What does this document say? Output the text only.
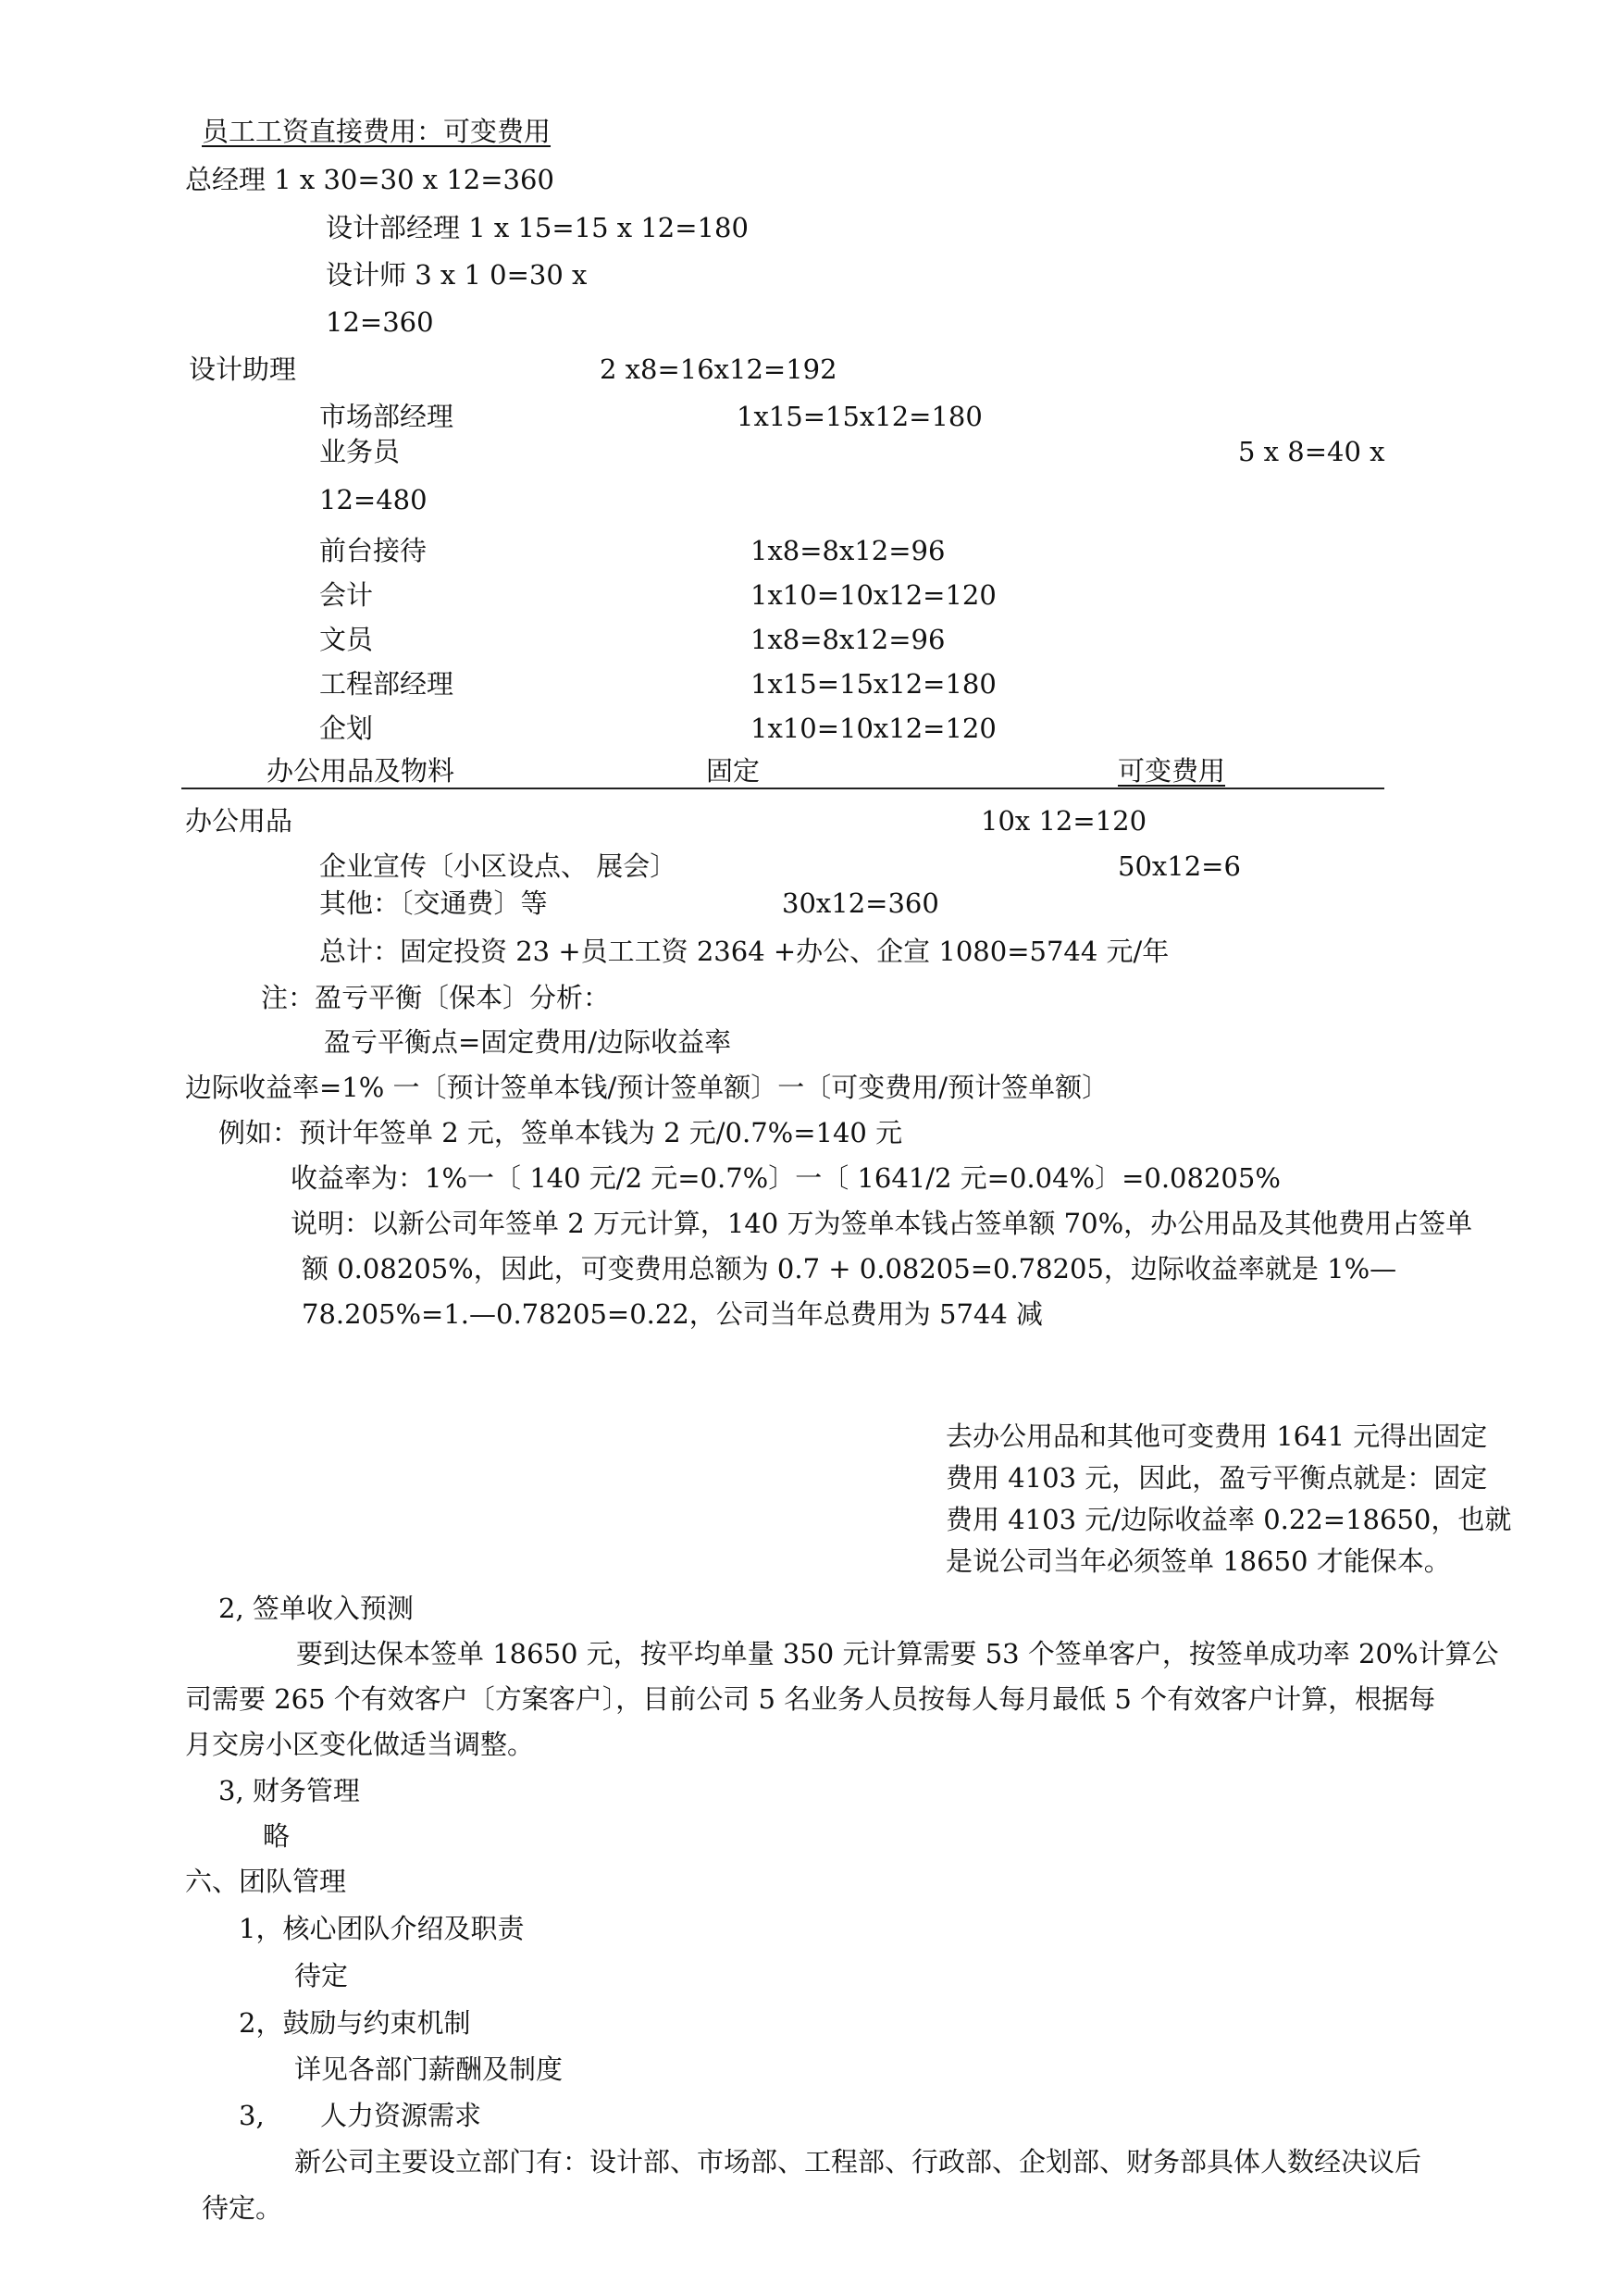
员工工资直接费用：可变费用
总经理 1 x 30=30 x 12=360
设计部经理 1 x 15=15 x 12=180
设计师 3 x 1 0=30 x
12=360
设计助理	2 x8=16x12=192
市场部经理	1x15=15x12=180
业务员	5 x 8=40 x
12=480
前台接待	1x8=8x12=96
会计	1x10=10x12=120
文员	1x8=8x12=96
工程部经理	1x15=15x12=180
企划	1x10=10x12=120
办公用品及物料	固定	可变费用
办公用品	10x 12=120
企业宣传〔小区设点、 展会〕	50x12=6
其他：〔交通费〕等	30x12=360
总计：固定投资 23 +员工工资 2364 +办公、企宣 1080=5744 元/年
注：盈亏平衡〔保本〕分析：
盈亏平衡点=固定费用/边际收益率
边际收益率=1% 一〔预计签单本钱/预计签单额〕一〔可变费用/预计签单额〕
例如：预计年签单 2 元，签单本钱为 2 元/0.7%=140 元
收益率为：1%一〔 140 元/2 元=0.7%〕一〔 1641/2 元=0.04%〕=0.08205%
说明：以新公司年签单 2 万元计算，140 万为签单本钱占签单额 70%，办公用品及其他费用占签单
额 0.08205%，因此，可变费用总额为 0.7 + 0.08205=0.78205，边际收益率就是 1%—
78.205%=1.—0.78205=0.22，公司当年总费用为 5744 减
去办公用品和其他可变费用 1641 元得出固定
费用 4103 元，因此，盈亏平衡点就是：固定
费用 4103 元/边际收益率 0.22=18650，也就
是说公司当年必须签单 18650 才能保本。
2, 签单收入预测
要到达保本签单 18650 元，按平均单量 350 元计算需要 53 个签单客户，按签单成功率 20%计算公
司需要 265 个有效客户〔方案客户〕，目前公司 5 名业务人员按每人每月最低 5 个有效客户计算，根据每
月交房小区变化做适当调整。
3, 财务管理
略
六、团队管理
1，核心团队介绍及职责
待定
2，鼓励与约束机制
详见各部门薪酬及制度
3, 人力资源需求
新公司主要设立部门有：设计部、市场部、工程部、行政部、企划部、财务部具体人数经决议后
待定。
